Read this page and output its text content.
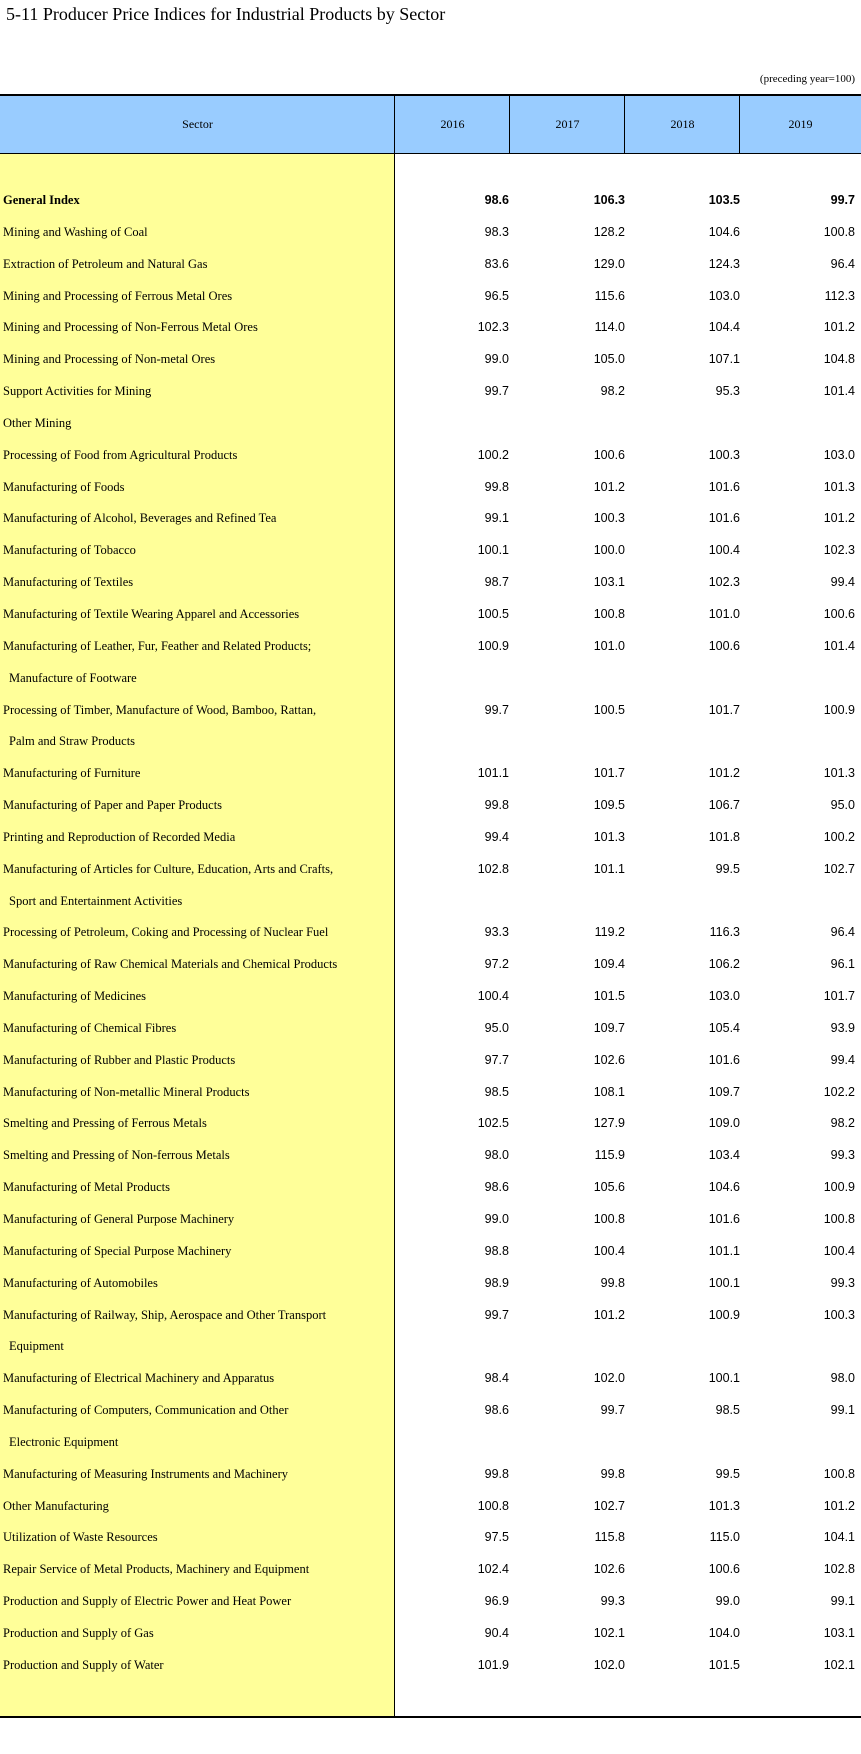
5-11 Producer Price Indices for Industrial Products by Sector
(preceding year=100)
Sector	2016	2017	2018	2019
General Index	98.6	106.3	103.5	99.7
Mining and Washing of Coal	98.3	128.2	104.6	100.8
Extraction of Petroleum and Natural Gas	83.6	129.0	124.3	96.4
Mining and Processing of Ferrous Metal Ores	96.5	115.6	103.0	112.3
Mining and Processing of Non-Ferrous Metal Ores	102.3	114.0	104.4	101.2
Mining and Processing of Non-metal Ores	99.0	105.0	107.1	104.8
Support Activities for Mining	99.7	98.2	95.3	101.4
Other Mining
Processing of Food from Agricultural Products	100.2	100.6	100.3	103.0
Manufacturing of Foods	99.8	101.2	101.6	101.3
Manufacturing of Alcohol, Beverages and Refined Tea	99.1	100.3	101.6	101.2
Manufacturing of Tobacco	100.1	100.0	100.4	102.3
Manufacturing of Textiles	98.7	103.1	102.3	99.4
Manufacturing of Textile Wearing Apparel and Accessories	100.5	100.8	101.0	100.6
Manufacturing of Leather, Fur, Feather and Related Products;	100.9	101.0	100.6	101.4
Manufacture of Footware
Processing of Timber, Manufacture of Wood, Bamboo, Rattan,	99.7	100.5	101.7	100.9
Palm and Straw Products
Manufacturing of Furniture	101.1	101.7	101.2	101.3
Manufacturing of Paper and Paper Products	99.8	109.5	106.7	95.0
Printing and Reproduction of Recorded Media	99.4	101.3	101.8	100.2
Manufacturing of Articles for Culture, Education, Arts and Crafts,	102.8	101.1	99.5	102.7
Sport and Entertainment Activities
Processing of Petroleum, Coking and Processing of Nuclear Fuel	93.3	119.2	116.3	96.4
Manufacturing of Raw Chemical Materials and Chemical Products	97.2	109.4	106.2	96.1
Manufacturing of Medicines	100.4	101.5	103.0	101.7
Manufacturing of Chemical Fibres	95.0	109.7	105.4	93.9
Manufacturing of Rubber and Plastic Products	97.7	102.6	101.6	99.4
Manufacturing of Non-metallic Mineral Products	98.5	108.1	109.7	102.2
Smelting and Pressing of Ferrous Metals	102.5	127.9	109.0	98.2
Smelting and Pressing of Non-ferrous Metals	98.0	115.9	103.4	99.3
Manufacturing of Metal Products	98.6	105.6	104.6	100.9
Manufacturing of General Purpose Machinery	99.0	100.8	101.6	100.8
Manufacturing of Special Purpose Machinery	98.8	100.4	101.1	100.4
Manufacturing of Automobiles	98.9	99.8	100.1	99.3
Manufacturing of Railway, Ship, Aerospace and Other Transport	99.7	101.2	100.9	100.3
Equipment
Manufacturing of Electrical Machinery and Apparatus	98.4	102.0	100.1	98.0
Manufacturing of Computers, Communication and Other	98.6	99.7	98.5	99.1
Electronic Equipment
Manufacturing of Measuring Instruments and Machinery	99.8	99.8	99.5	100.8
Other Manufacturing	100.8	102.7	101.3	101.2
Utilization of Waste Resources	97.5	115.8	115.0	104.1
Repair Service of Metal Products, Machinery and Equipment	102.4	102.6	100.6	102.8
Production and Supply of Electric Power and Heat Power	96.9	99.3	99.0	99.1
Production and Supply of Gas	90.4	102.1	104.0	103.1
Production and Supply of Water	101.9	102.0	101.5	102.1
